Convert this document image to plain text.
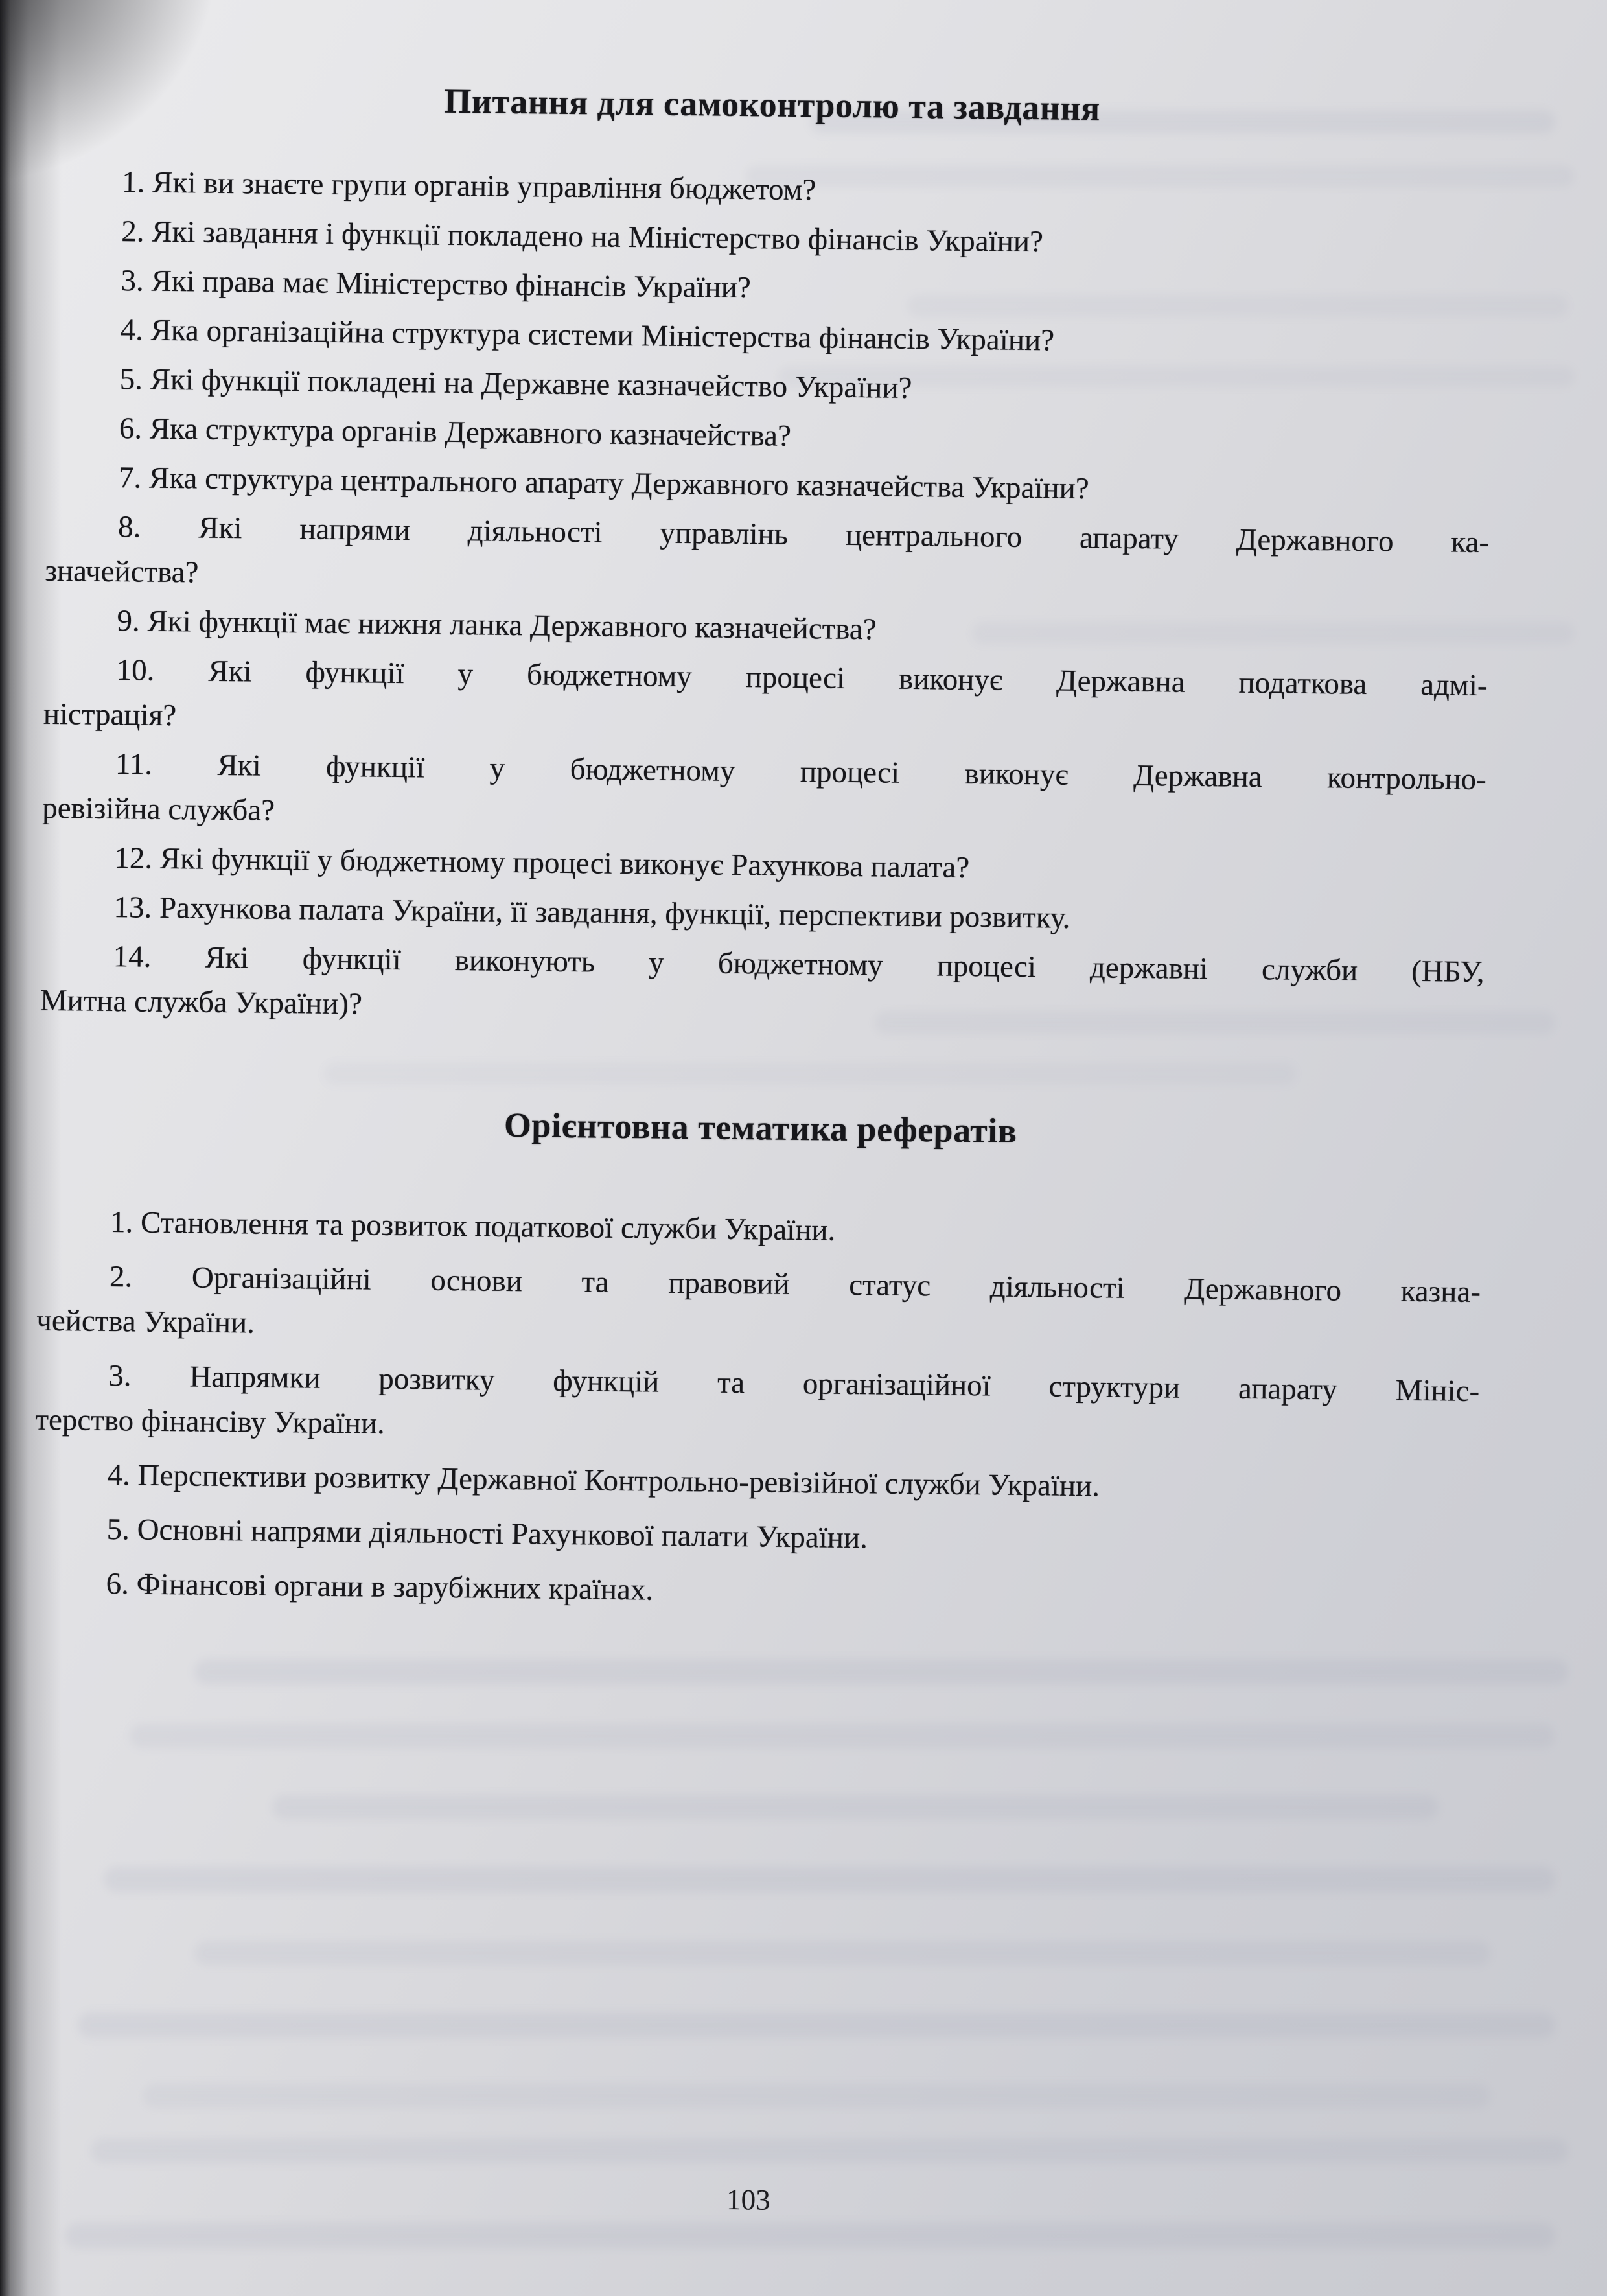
Питання для самоконтролю та завдання

1. Які ви знаєте групи органів управління бюджетом?

2. Які завдання і функції покладено на Міністерство фінансів України?

3. Які права має Міністерство фінансів України?

4. Яка організаційна структура системи Міністерства фінансів України?

5. Які функції покладені на Державне казначейство України?

6. Яка структура органів Державного казначейства?

7. Яка структура центрального апарату Державного казначейства України?

8. Які напрями діяльності управлінь центрального апарату Державного ка-
значейства?

9. Які функції має нижня ланка Державного казначейства?

10. Які функції у бюджетному процесі виконує Державна податкова адмі-
ністрація?

11. Які функції у бюджетному процесі виконує Державна контрольно-
ревізійна служба?

12. Які функції у бюджетному процесі виконує Рахункова палата?

13. Рахункова палата України, її завдання, функції, перспективи розвитку.

14. Які функції виконують у бюджетному процесі державні служби (НБУ,
Митна служба України)?

Орієнтовна тематика рефератів

1. Становлення та розвиток податкової служби України.

2. Організаційні основи та правовий статус діяльності Державного казна-
чейства України.

3. Напрямки розвитку функцій та організаційної структури апарату Мініс-
терство фінансіву України.

4. Перспективи розвитку Державної Контрольно-ревізійної служби України.

5. Основні напрями діяльності Рахункової палати України.

6. Фінансові органи в зарубіжних країнах.

103
